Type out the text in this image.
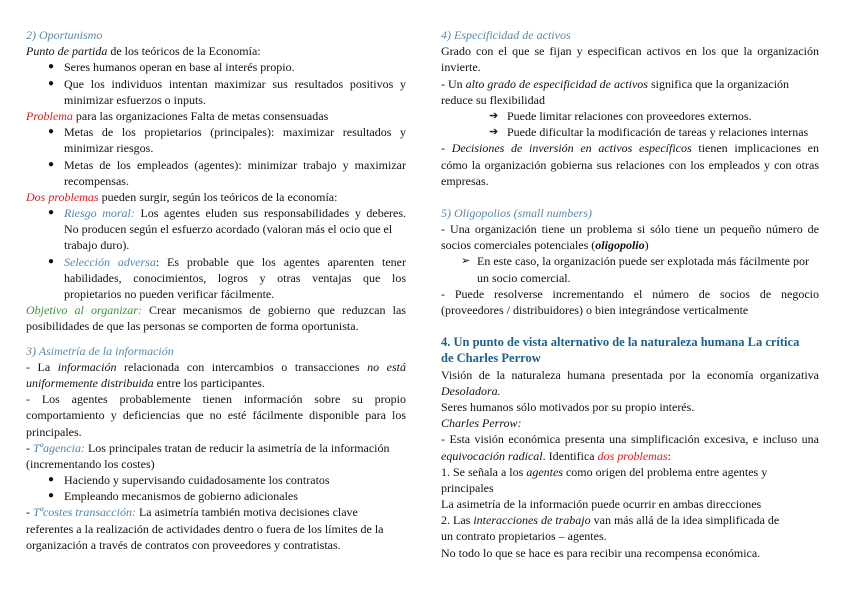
2) Oportunismo

Punto de partida de los teóricos de la Economía:

● Seres humanos operan en base al interés propio.

● Que los individuos intentan maximizar sus resultados positivos y

minimizar esfuerzos o inputs.

Problema para las organizaciones Falta de metas consensuadas

● Metas de los propietarios (principales): maximizar resultados y

minimizar riesgos.

● Metas de los empleados (agentes): minimizar trabajo y maximizar

recompensas.

Dos problemas pueden surgir, según los teóricos de la economía:

● Riesgo moral: Los agentes eluden sus responsabilidades y deberes.

No producen según el esfuerzo acordado (valoran más el ocio que el

trabajo duro).

● Selección adversa: Es probable que los agentes aparenten tener

habilidades, conocimientos, logros y otras ventajas que los

propietarios no pueden verificar fácilmente.

Objetivo al organizar: Crear mecanismos de gobierno que reduzcan las

posibilidades de que las personas se comporten de forma oportunista.

3) Asimetría de la información

- La información relacionada con intercambios o transacciones no está

uniformemente distribuida entre los participantes.

- Los agentes probablemente tienen información sobre su propio

comportamiento y deficiencias que no esté fácilmente disponible para los

principales.

- Tªagencia: Los principales tratan de reducir la asimetría de la información

(incrementando los costes)

● Haciendo y supervisando cuidadosamente los contratos

● Empleando mecanismos de gobierno adicionales

- Tªcostes transacción: La asimetría también motiva decisiones clave

referentes a la realización de actividades dentro o fuera de los límites de la

organización a través de contratos con proveedores y contratistas.

4) Especificidad de activos

Grado con el que se fijan y especifican activos en los que la organización

invierte.

- Un alto grado de especificidad de activos significa que la organización

reduce su flexibilidad

➔ Puede limitar relaciones con proveedores externos.

➔ Puede dificultar la modificación de tareas y relaciones internas

- Decisiones de inversión en activos específicos tienen implicaciones en

cómo la organización gobierna sus relaciones con los empleados y con otras

empresas.

5) Oligopolios (small numbers)

- Una organización tiene un problema si sólo tiene un pequeño número de

socios comerciales potenciales (oligopolio)

➢ En este caso, la organización puede ser explotada más fácilmente por

un socio comercial.

- Puede resolverse incrementando el número de socios de negocio

(proveedores / distribuidores) o bien integrándose verticalmente

4. Un punto de vista alternativo de la naturaleza humana La crítica

de Charles Perrow

Visión de la naturaleza humana presentada por la economía organizativa

Desoladora.

Seres humanos sólo motivados por su propio interés.

Charles Perrow:

- Esta visión económica presenta una simplificación excesiva, e incluso una

equivocación radical. Identifica dos problemas:

1. Se señala a los agentes como origen del problema entre agentes y

principales

La asimetría de la información puede ocurrir en ambas direcciones

2. Las interacciones de trabajo van más allá de la idea simplificada de

un contrato propietarios – agentes.

No todo lo que se hace es para recibir una recompensa económica.
